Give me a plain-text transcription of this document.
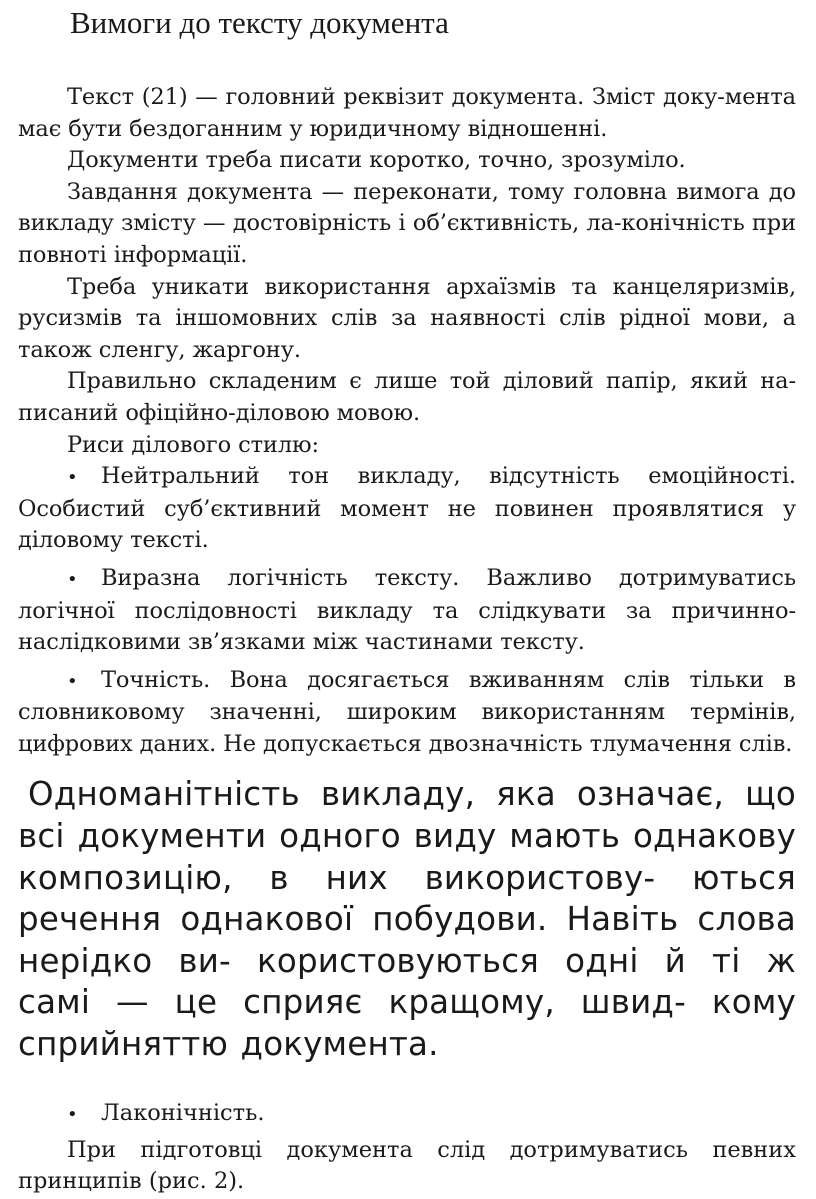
Вимоги до тексту документа

Текст (21) — головний реквізит документа. Зміст доку-мента має бути бездоганним у юридичному відношенні.

Документи треба писати коротко, точно, зрозуміло.

Завдання документа — переконати, тому головна вимога до викладу змісту — достовірність і об’єктивність, ла-конічність при повноті інформації.

Треба уникати використання архаїзмів та канцеляризмів, русизмів та іншомовних слів за наявності слів рідної мови, а також сленгу, жаргону.

Правильно складеним є лише той діловий папір, який на-писаний офіційно-діловою мовою.

Риси ділового стилю:

• Нейтральний тон викладу, відсутність емоційності. Особистий суб’єктивний момент не повинен проявлятися у діловому тексті.

• Виразна логічність тексту. Важливо дотримуватись логічної послідовності викладу та слідкувати за причинно-наслідковими зв’язками між частинами тексту.

• Точність. Вона досягається вживанням слів тільки в словниковому значенні, широким використанням термінів, цифрових даних. Не допускається двозначність тлумачення слів.

Одноманітність викладу, яка означає, що всі документи одного виду мають однакову композицію, в них використову- ються речення однакової побудови. Навіть слова нерідко ви- користовуються одні й ті ж самі — це сприяє кращому, швид- кому сприйняттю документа.

• Лаконічність.

При підготовці документа слід дотримуватись певних принципів (рис. 2).
